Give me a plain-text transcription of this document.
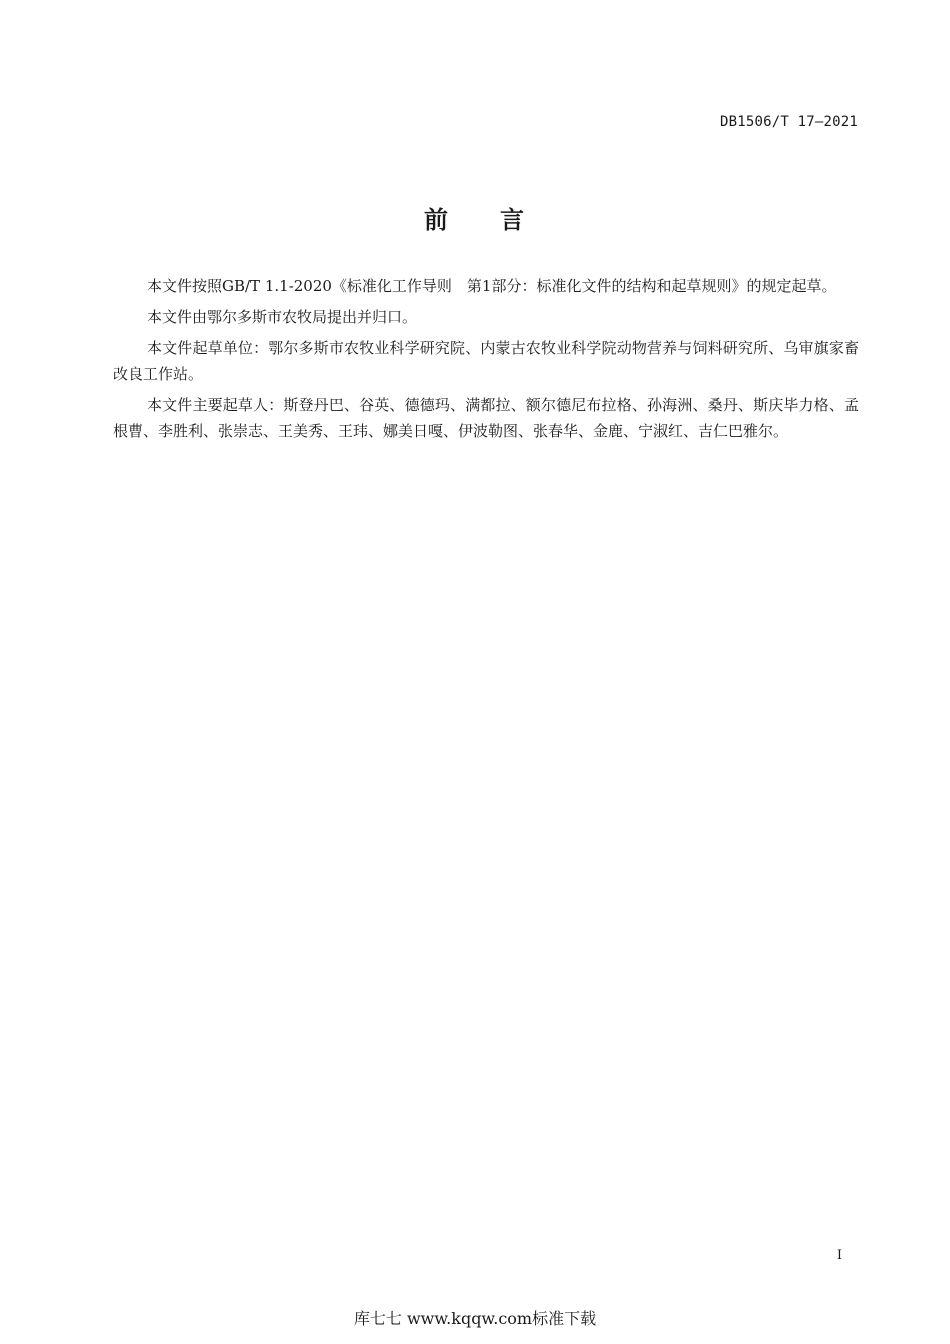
DB1506/T 17—2021
前 言

本文件按照GB/T 1.1-2020《标准化工作导则　第1部分：标准化文件的结构和起草规则》的规定起草。

本文件由鄂尔多斯市农牧局提出并归口。

本文件起草单位：鄂尔多斯市农牧业科学研究院、内蒙古农牧业科学院动物营养与饲料研究所、乌审旗家畜改良工作站。

本文件主要起草人：斯登丹巴、谷英、德德玛、满都拉、额尔德尼布拉格、孙海洲、桑丹、斯庆毕力格、孟根曹、李胜利、张崇志、王美秀、王玮、娜美日嘎、伊波勒图、张春华、金鹿、宁淑红、吉仁巴雅尔。

I
库七七 www.kqqw.com标准下载
